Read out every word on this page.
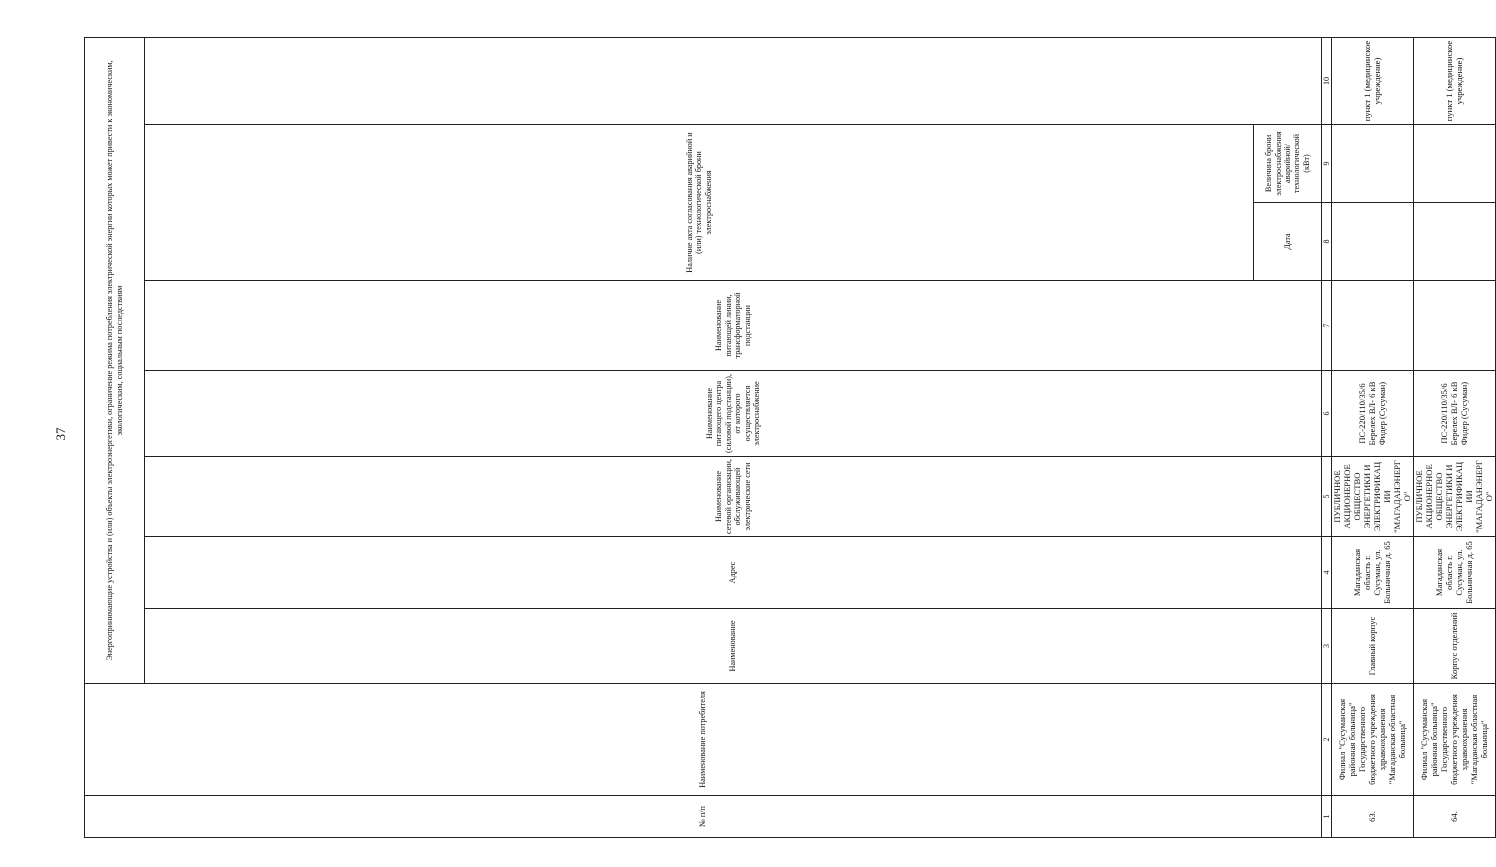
37
№ п/п	Наименование потребителя	Энергопринимающие устройства и (или) объекты электроэнергетики, ограничение режима потребления электрической энергии которых может привести к экономическим, экологическим, социальным последствиям	
		Наименование	Адрес	Наименование сетевой организации, обслуживающей электрические сети	Наименование питающего центра (силовой подстанции), от которого осуществляется электроснабжение	Наименование питающей линии, трансформаторной подстанции	Наличие акта согласования аварийной и (или) технологической брони электроснабжения			
							Дата	Величина брони электроснабжения аварийной/технологической (кВт)		
1	2	3	4	5	6	7	8	9	10	
63.	Филиал "Сусуманская районная больница" Государственного бюджетного учреждения здравоохранения "Магаданская областная больница"	Главный корпус	Магаданская область г. Сусуман, ул. Больничная д. 65	ПУБЛИЧНОЕ АКЦИОНЕРНОЕ ОБЩЕСТВО ЭНЕРГЕТИКИ И ЭЛЕКТРИФИКАЦИИ "МАГАДАНЭНЕРГО"	ПС-220/110/35/6 Берелех ВЛ- 6 кВ Фидер (Сусуман)				пункт 1 (медицинское учреждение)	
64.	Филиал "Сусуманская районная больница" Государственного бюджетного учреждения здравоохранения "Магаданская областная больница"	Корпус отделений	Магаданская область г. Сусуман, ул. Больничная д. 65	ПУБЛИЧНОЕ АКЦИОНЕРНОЕ ОБЩЕСТВО ЭНЕРГЕТИКИ И ЭЛЕКТРИФИКАЦИИ "МАГАДАНЭНЕРГО"	ПС-220/110/35/6 Берелех ВЛ- 6 кВ Фидер (Сусуман)				пункт 1 (медицинское учреждение)	
